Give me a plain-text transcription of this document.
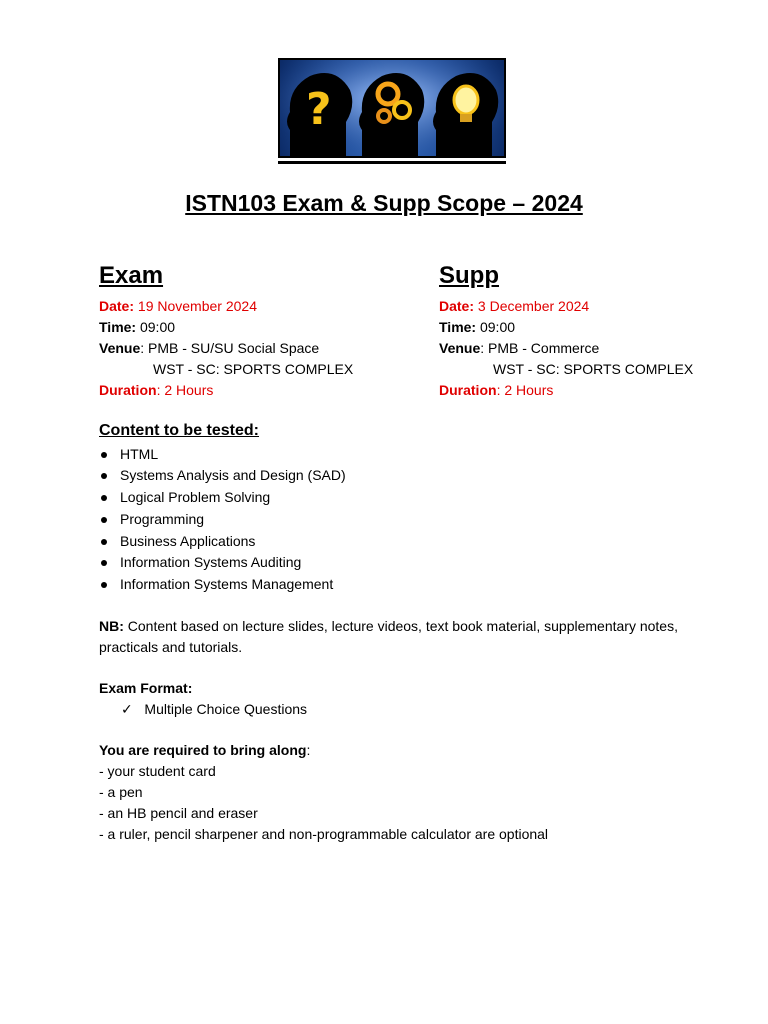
?
ISTN103 Exam & Supp Scope – 2024
Exam
Date: 19 November 2024
Time: 09:00
Venue: PMB - SU/SU Social Space
WST - SC: SPORTS COMPLEX
Duration: 2 Hours
Supp
Date: 3 December 2024
Time: 09:00
Venue: PMB - Commerce
WST - SC: SPORTS COMPLEX
Duration: 2 Hours
Content to be tested:
HTML
Systems Analysis and Design (SAD)
Logical Problem Solving
Programming
Business Applications
Information Systems Auditing
Information Systems Management
NB: Content based on lecture slides, lecture videos, text book material, supplementary notes, practicals and tutorials.
Exam Format:
✓ Multiple Choice Questions

You are required to bring along:

- your student card

- a pen

- an HB pencil and eraser

- a ruler, pencil sharpener and non-programmable calculator are optional
